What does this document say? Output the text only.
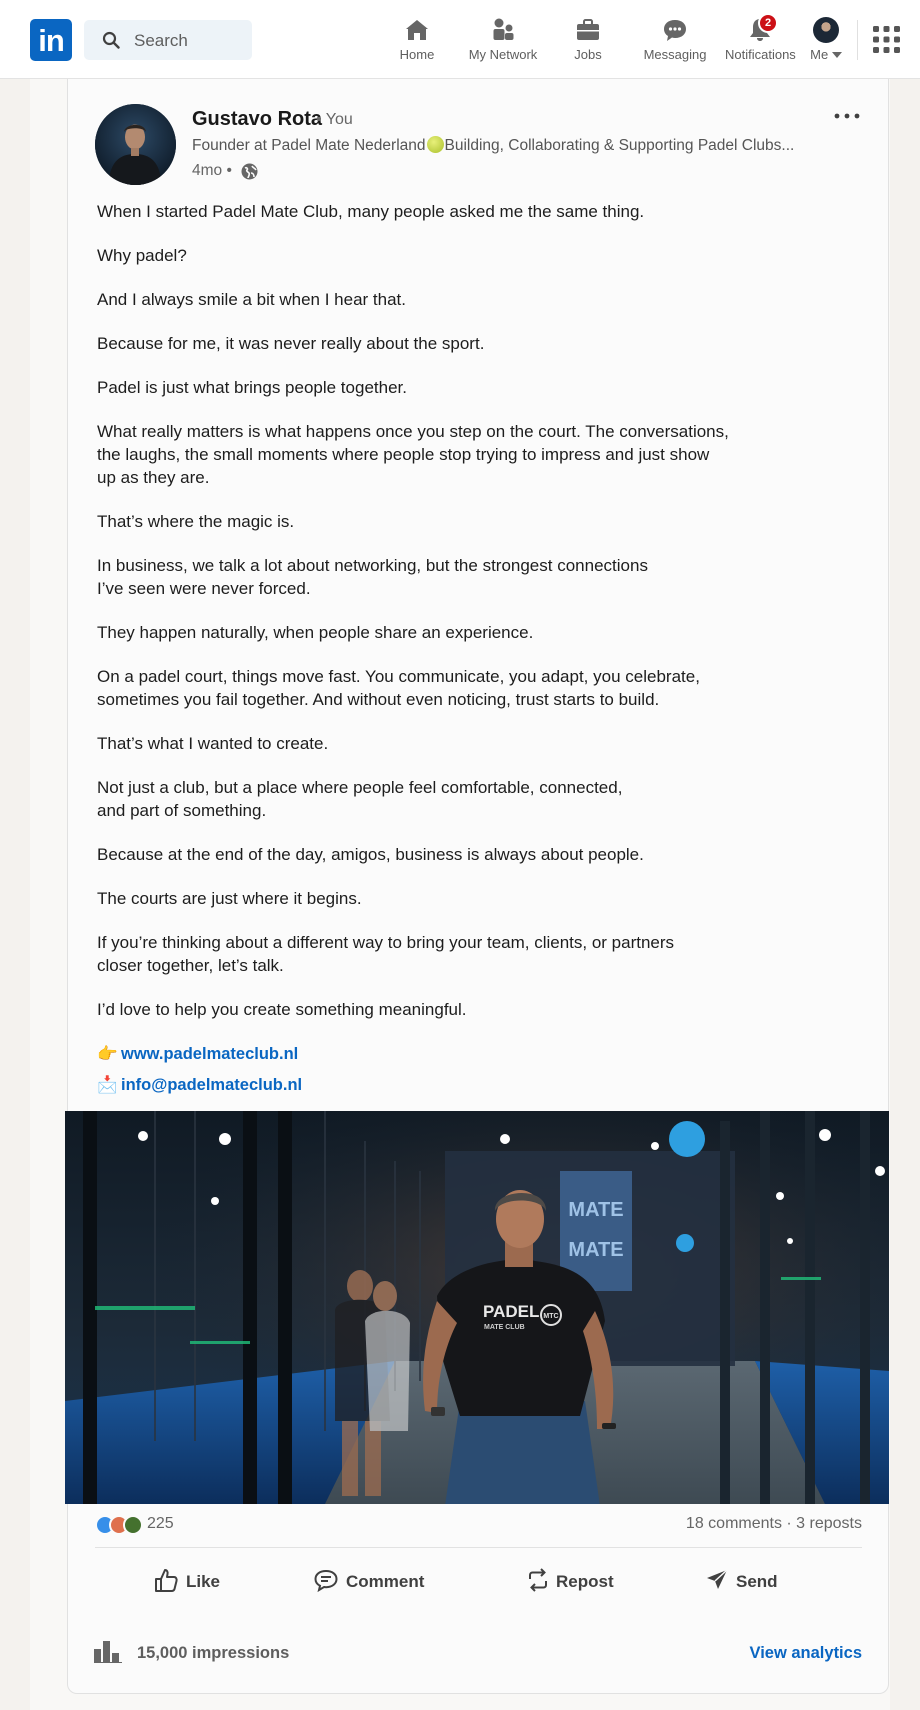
in	Search
Home	My Network	Jobs	Messaging
2
Notifications Me
Gustavo Rota
• You
Founder at Padel Mate Nederland Building, Collaborating & Supporting Padel Clubs...
4mo •

When I started Padel Mate Club, many people asked me the same thing.

Why padel?

And I always smile a bit when I hear that.

Because for me, it was never really about the sport.

Padel is just what brings people together.

What really matters is what happens once you step on the court. The conversations,
the laughs, the small moments where people stop trying to impress and just show
up as they are.

That’s where the magic is.

In business, we talk a lot about networking, but the strongest connections
I’ve seen were never forced.

They happen naturally, when people share an experience.

On a padel court, things move fast. You communicate, you adapt, you celebrate,
sometimes you fail together. And without even noticing, trust starts to build.

That’s what I wanted to create.

Not just a club, but a place where people feel comfortable, connected,
and part of something.

Because at the end of the day, amigos, business is always about people.

The courts are just where it begins.

If you’re thinking about a different way to bring your team, clients, or partners
closer together, let’s talk.

I’d love to help you create something meaningful.

👉 www.padelmateclub.nl
📩 info@padelmateclub.nl
MATE
MATE
PADEL
MATE CLUB
MTC
225	18 comments · 3 reposts
Like	Comment	Repost	Send
15,000 impressions	View analytics
